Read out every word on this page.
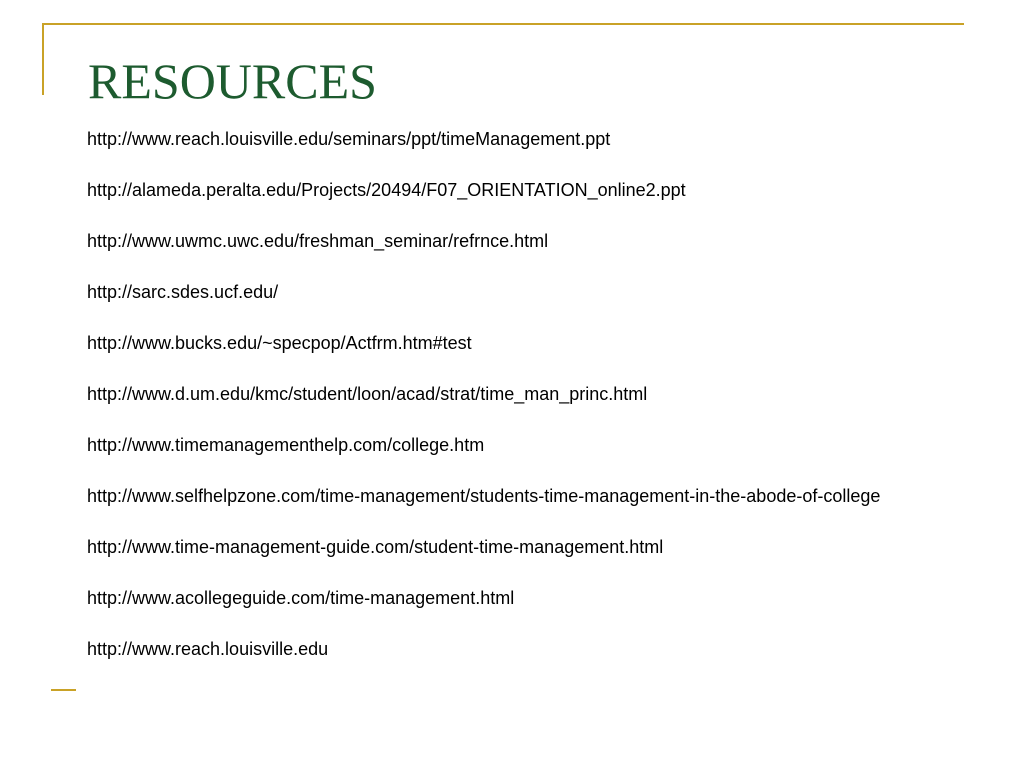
RESOURCES
http://www.reach.louisville.edu/seminars/ppt/timeManagement.ppt
http://alameda.peralta.edu/Projects/20494/F07_ORIENTATION_online2.ppt
http://www.uwmc.uwc.edu/freshman_seminar/refrnce.html
http://sarc.sdes.ucf.edu/
http://www.bucks.edu/~specpop/Actfrm.htm#test
http://www.d.um.edu/kmc/student/loon/acad/strat/time_man_princ.html
http://www.timemanagementhelp.com/college.htm
http://www.selfhelpzone.com/time-management/students-time-management-in-the-abode-of-college
http://www.time-management-guide.com/student-time-management.html
http://www.acollegeguide.com/time-management.html
http://www.reach.louisville.edu
